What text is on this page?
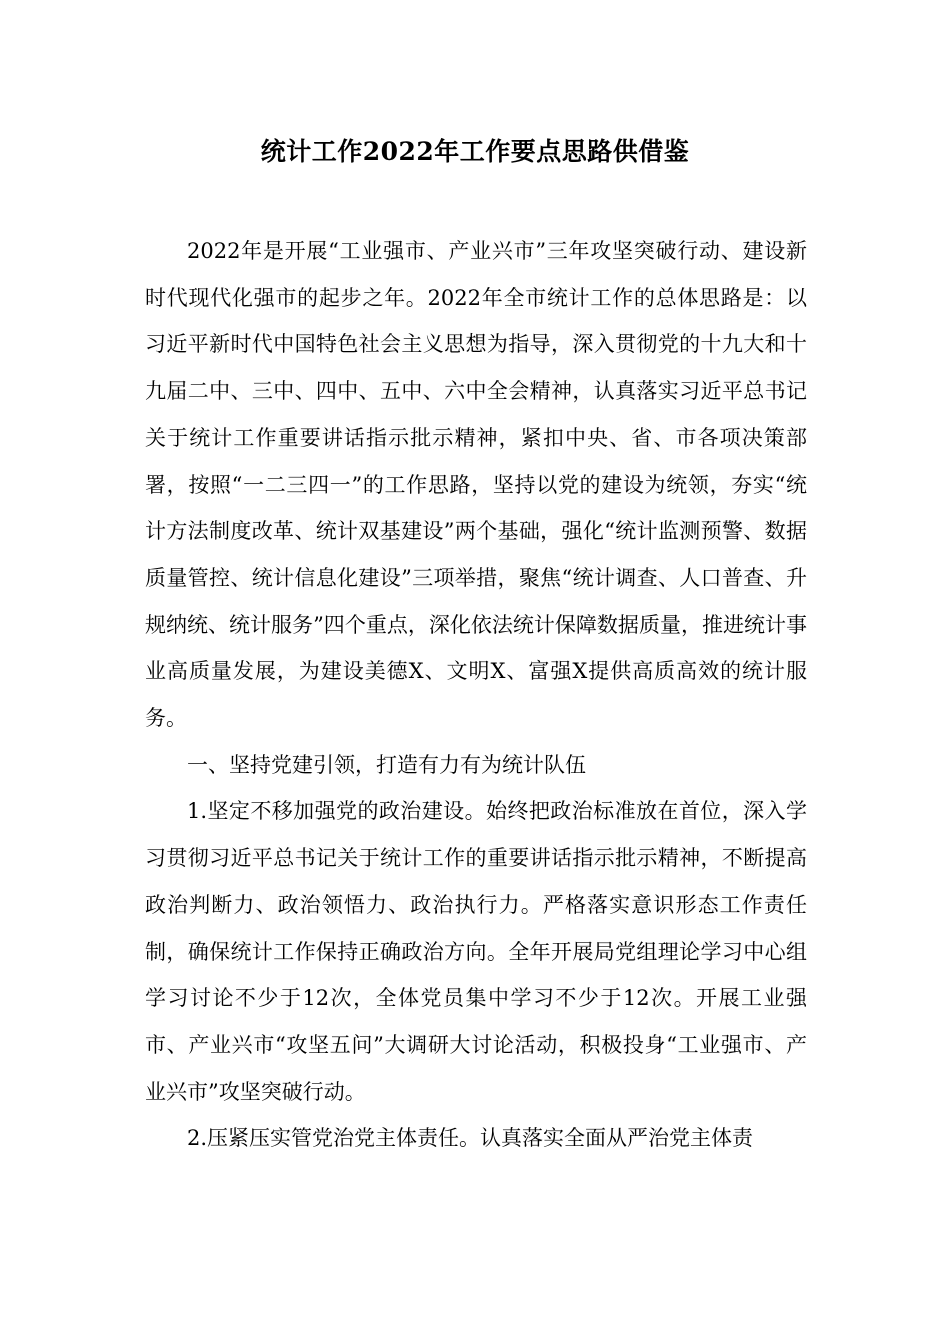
统计工作2022年工作要点思路供借鉴

2022年是开展“工业强市、产业兴市”三年攻坚突破行动、建设新时代现代化强市的起步之年。2022年全市统计工作的总体思路是：以习近平新时代中国特色社会主义思想为指导，深入贯彻党的十九大和十九届二中、三中、四中、五中、六中全会精神，认真落实习近平总书记关于统计工作重要讲话指示批示精神，紧扣中央、省、市各项决策部署，按照“一二三四一”的工作思路，坚持以党的建设为统领，夯实“统计方法制度改革、统计双基建设”两个基础，强化“统计监测预警、数据质量管控、统计信息化建设”三项举措，聚焦“统计调查、人口普查、升规纳统、统计服务”四个重点，深化依法统计保障数据质量，推进统计事业高质量发展，为建设美德X、文明X、富强X提供高质高效的统计服务。

一、坚持党建引领，打造有力有为统计队伍

1.坚定不移加强党的政治建设。始终把政治标准放在首位，深入学习贯彻习近平总书记关于统计工作的重要讲话指示批示精神，不断提高政治判断力、政治领悟力、政治执行力。严格落实意识形态工作责任制，确保统计工作保持正确政治方向。全年开展局党组理论学习中心组学习讨论不少于12次，全体党员集中学习不少于12次。开展工业强市、产业兴市“攻坚五问”大调研大讨论活动，积极投身“工业强市、产业兴市”攻坚突破行动。

2.压紧压实管党治党主体责任。认真落实全面从严治党主体责
